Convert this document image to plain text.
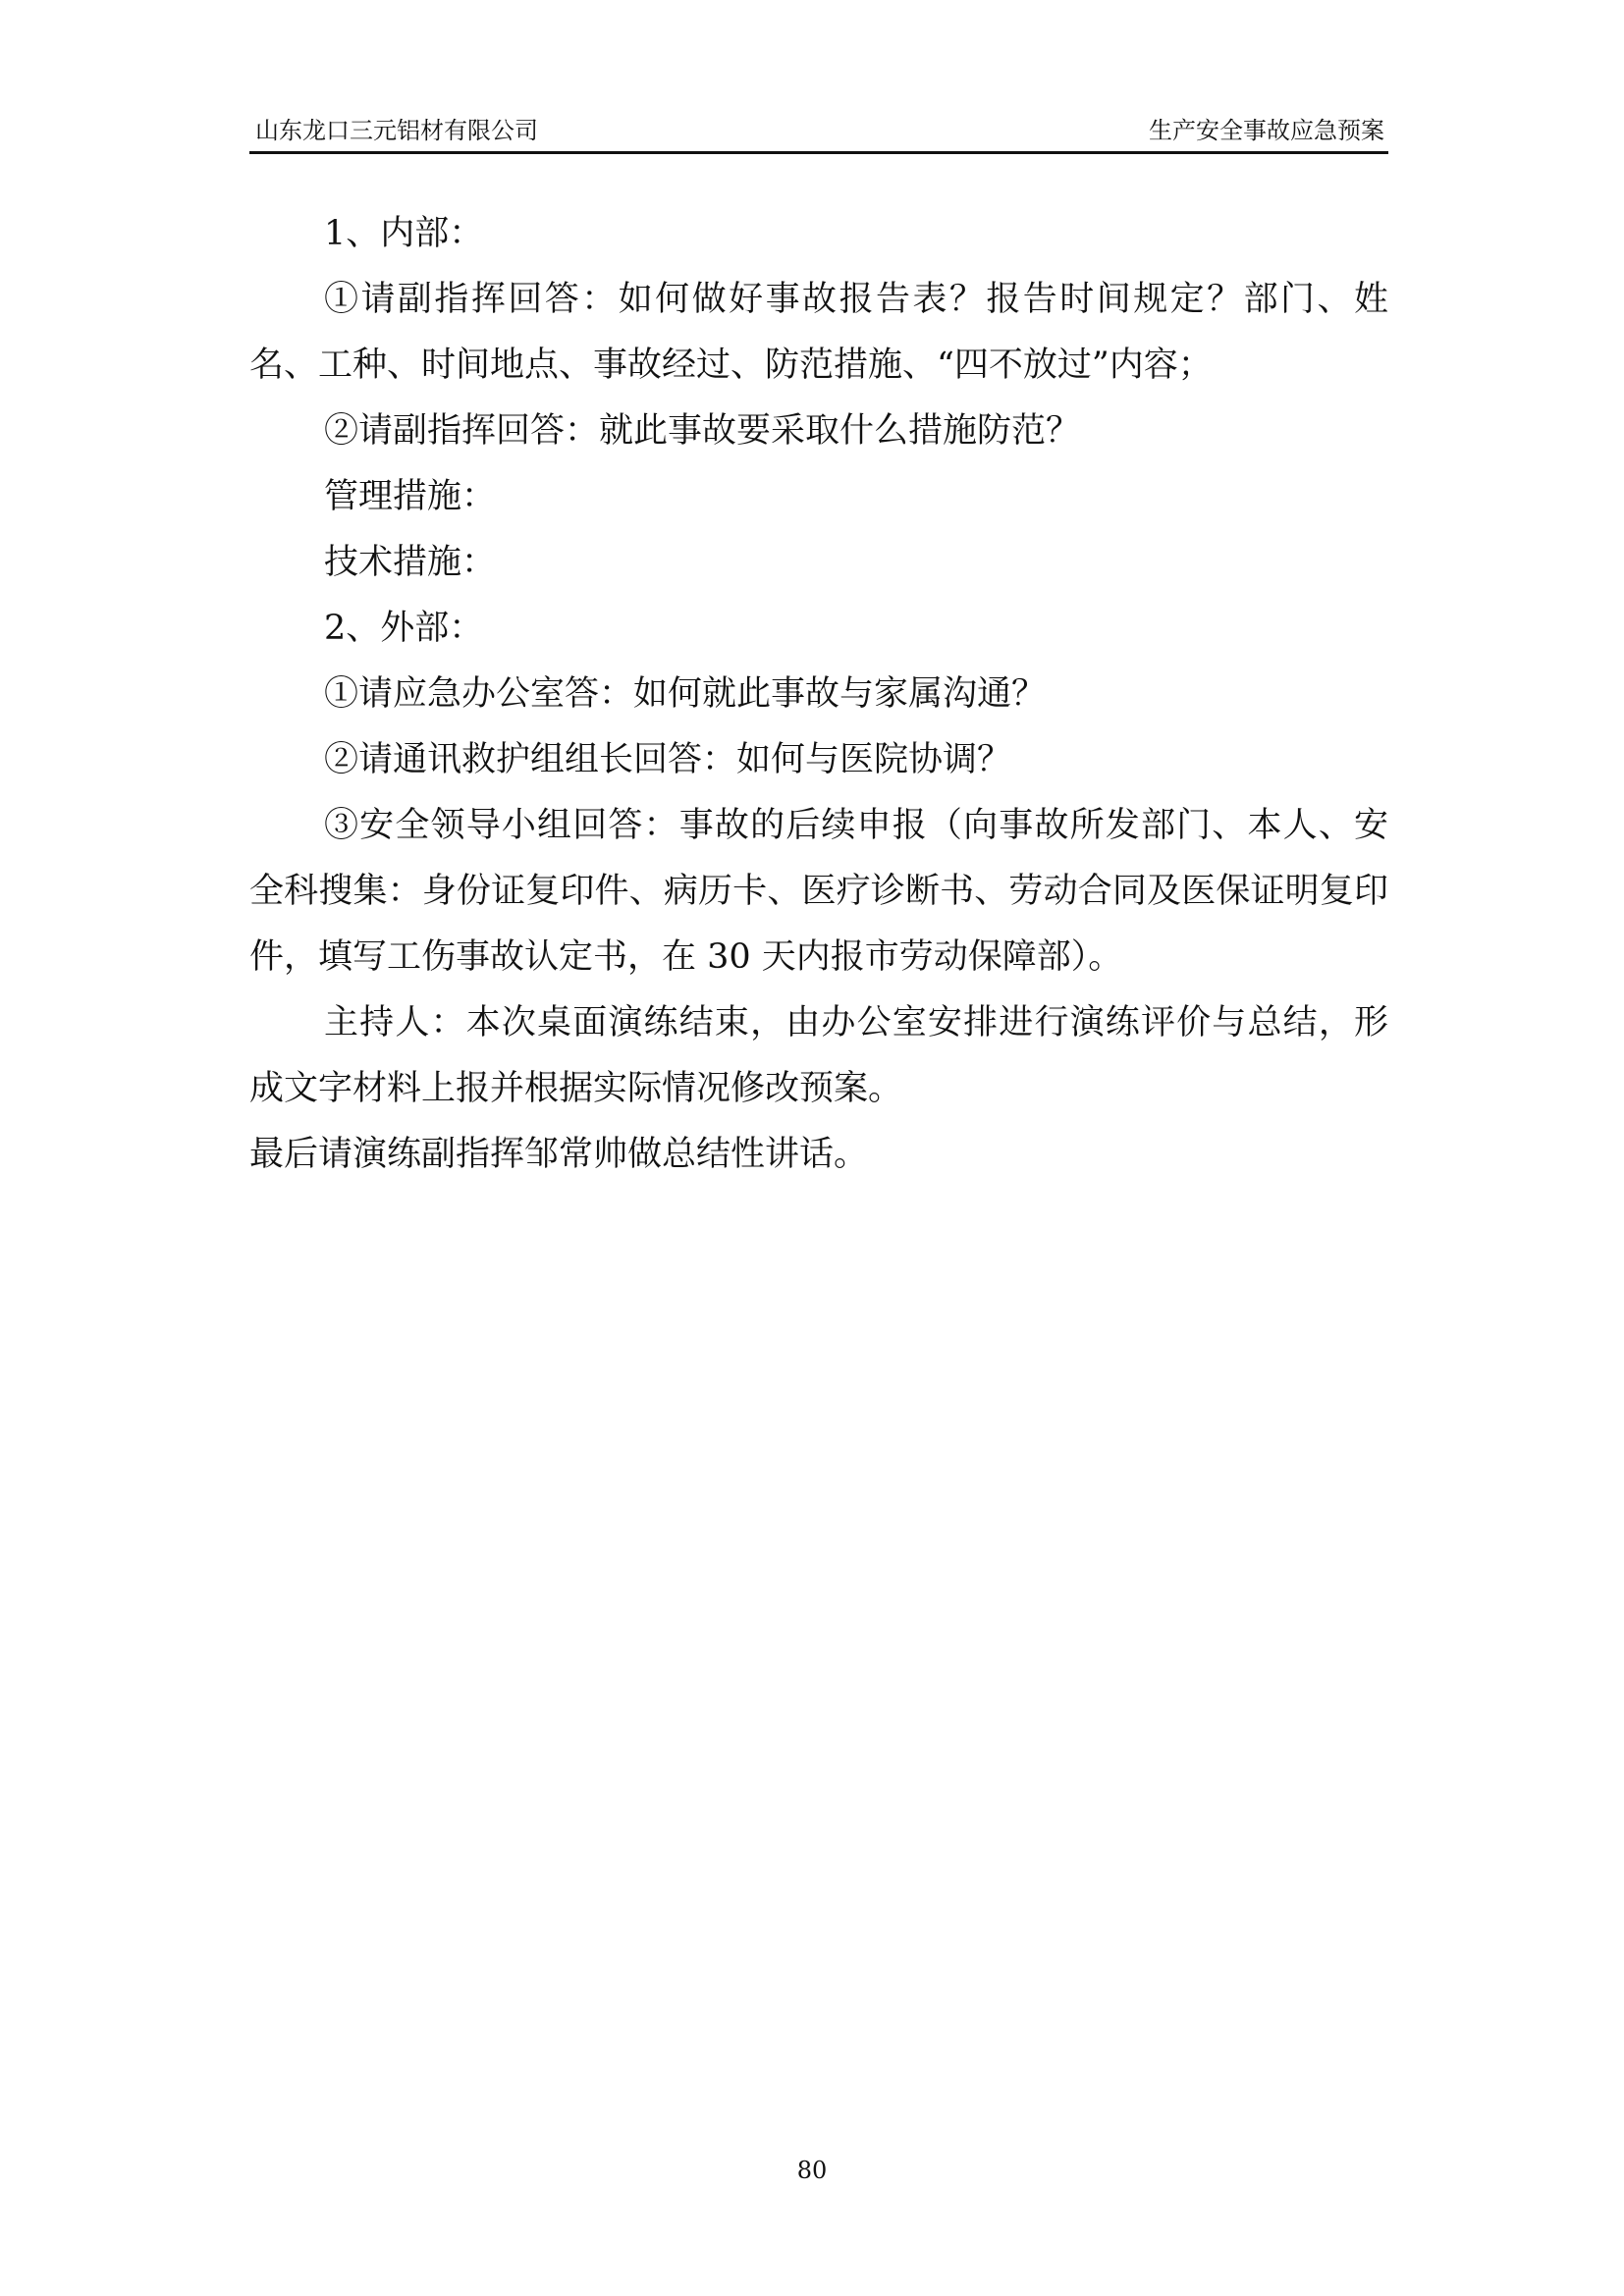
山东龙口三元铝材有限公司	生产安全事故应急预案

1、内部：

①请副指挥回答：如何做好事故报告表？报告时间规定？部门、姓名、工种、时间地点、事故经过、防范措施、“四不放过”内容；

②请副指挥回答：就此事故要采取什么措施防范？

管理措施：

技术措施：

2、外部：

①请应急办公室答：如何就此事故与家属沟通？

②请通讯救护组组长回答：如何与医院协调？

③安全领导小组回答：事故的后续申报（向事故所发部门、本人、安全科搜集：身份证复印件、病历卡、医疗诊断书、劳动合同及医保证明复印件，填写工伤事故认定书，在 30 天内报市劳动保障部）。

主持人：本次桌面演练结束，由办公室安排进行演练评价与总结，形成文字材料上报并根据实际情况修改预案。

最后请演练副指挥邹常帅做总结性讲话。

80
